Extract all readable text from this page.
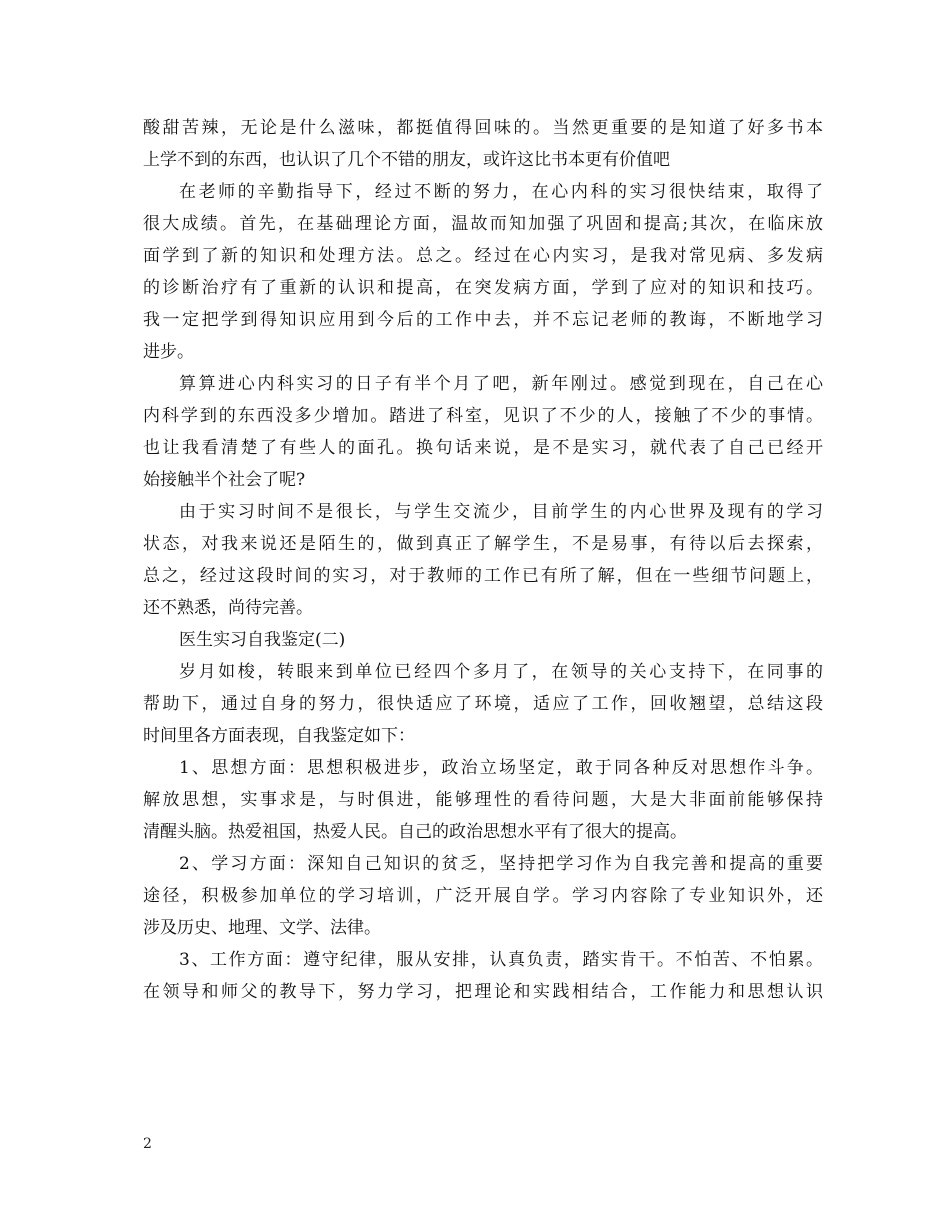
酸甜苦辣，无论是什么滋味，都挺值得回味的。当然更重要的是知道了好多书本
上学不到的东西，也认识了几个不错的朋友，或许这比书本更有价值吧
在老师的辛勤指导下，经过不断的努力，在心内科的实习很快结束，取得了
很大成绩。首先，在基础理论方面，温故而知加强了巩固和提高;其次，在临床放
面学到了新的知识和处理方法。总之。经过在心内实习，是我对常见病、多发病
的诊断治疗有了重新的认识和提高，在突发病方面，学到了应对的知识和技巧。
我一定把学到得知识应用到今后的工作中去，并不忘记老师的教诲，不断地学习
进步。
算算进心内科实习的日子有半个月了吧，新年刚过。感觉到现在，自己在心
内科学到的东西没多少增加。踏进了科室，见识了不少的人，接触了不少的事情。
也让我看清楚了有些人的面孔。换句话来说，是不是实习，就代表了自己已经开
始接触半个社会了呢?
由于实习时间不是很长，与学生交流少，目前学生的内心世界及现有的学习
状态，对我来说还是陌生的，做到真正了解学生，不是易事，有待以后去探索，
总之，经过这段时间的实习，对于教师的工作已有所了解，但在一些细节问题上，
还不熟悉，尚待完善。
医生实习自我鉴定(二)
岁月如梭，转眼来到单位已经四个多月了，在领导的关心支持下，在同事的
帮助下，通过自身的努力，很快适应了环境，适应了工作，回收翘望，总结这段
时间里各方面表现，自我鉴定如下：
1、思想方面：思想积极进步，政治立场坚定，敢于同各种反对思想作斗争。
解放思想，实事求是，与时俱进，能够理性的看待问题，大是大非面前能够保持
清醒头脑。热爱祖国，热爱人民。自己的政治思想水平有了很大的提高。
2、学习方面：深知自己知识的贫乏，坚持把学习作为自我完善和提高的重要
途径，积极参加单位的学习培训，广泛开展自学。学习内容除了专业知识外，还
涉及历史、地理、文学、法律。
3、工作方面：遵守纪律，服从安排，认真负责，踏实肯干。不怕苦、不怕累。
在领导和师父的教导下，努力学习，把理论和实践相结合，工作能力和思想认识
2
